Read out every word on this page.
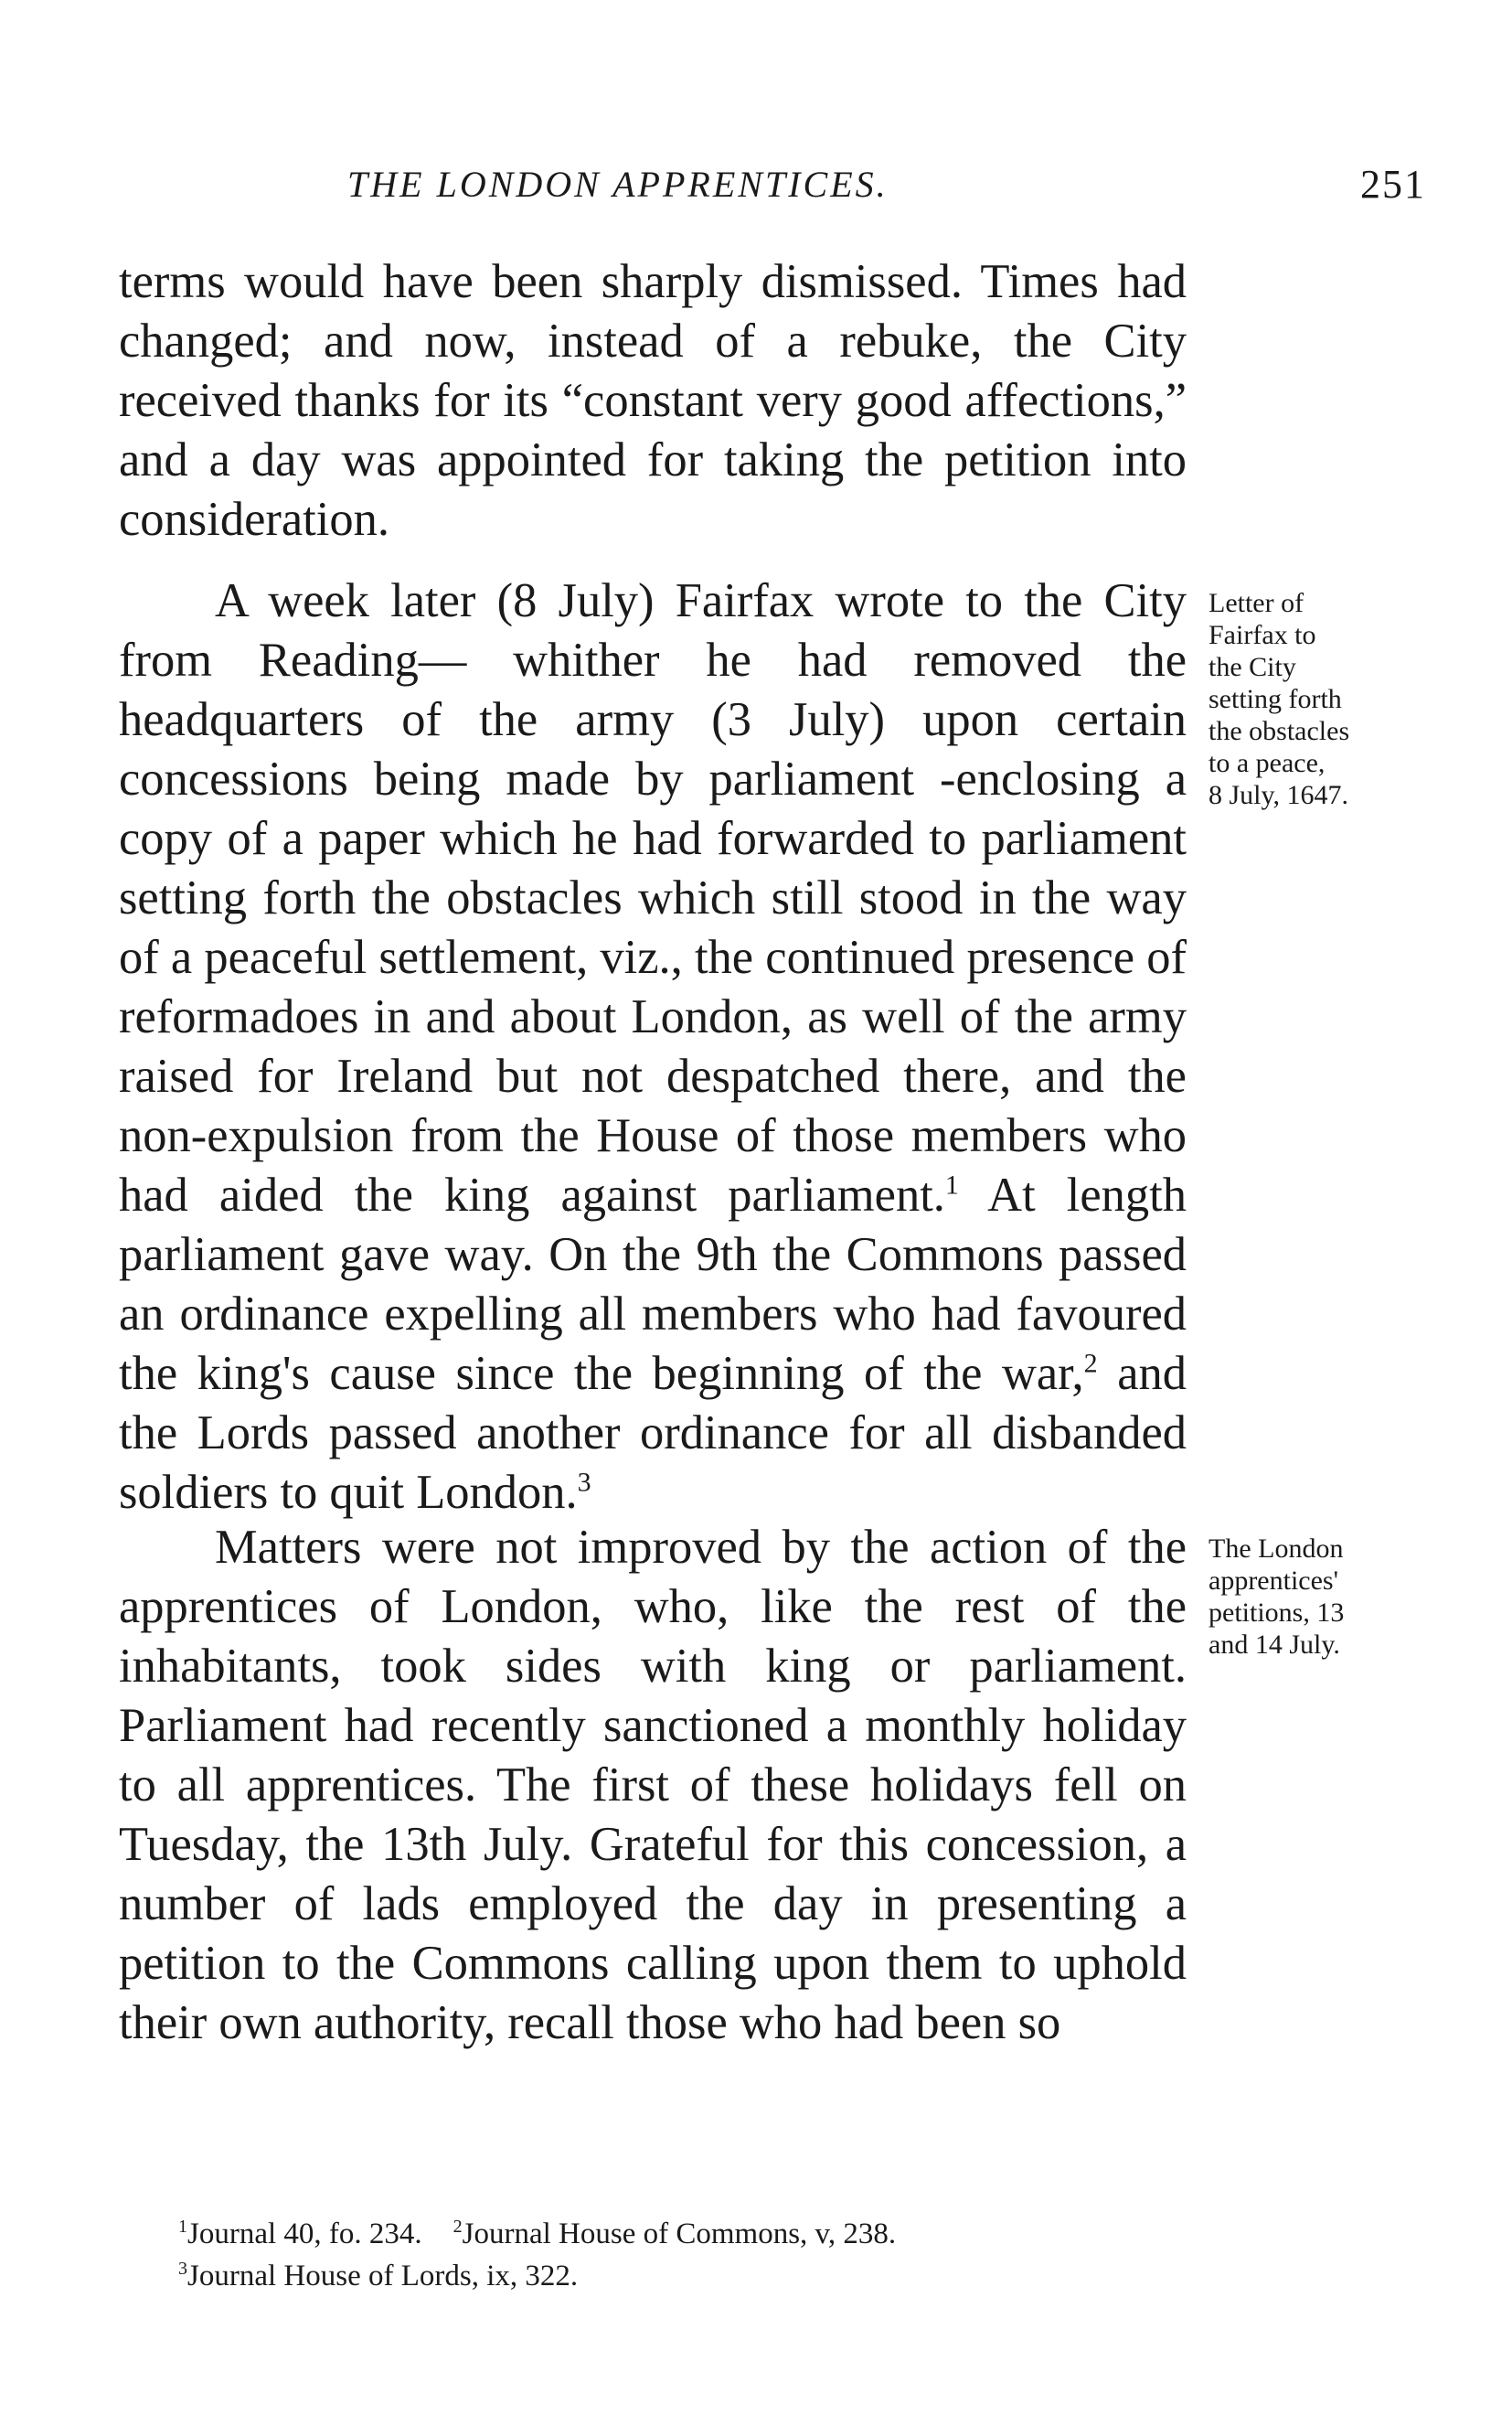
THE LONDON APPRENTICES.	251

terms would have been sharply dismissed. Times had changed; and now, instead of a rebuke, the City received thanks for its “constant very good affections,” and a day was appointed for taking the petition into consideration.

A week later (8 July) Fairfax wrote to the City from Reading— whither he had removed the headquarters of the army (3 July) upon certain concessions being made by parliament -enclosing a copy of a paper which he had forwarded to parliament setting forth the obstacles which still stood in the way of a peaceful settlement, viz., the continued presence of reformadoes in and about London, as well of the army raised for Ireland but not despatched there, and the non-expulsion from the House of those members who had aided the king against parliament.$^1$ At length parliament gave way. On the 9th the Commons passed an ordinance expelling all members who had favoured the king's cause since the beginning of the war,$^2$ and the Lords passed another ordinance for all disbanded soldiers to quit London.$^3$

Letter of
Fairfax to
the City
setting forth
the obstacles
to a peace,
8 July, 1647.

Matters were not improved by the action of the apprentices of London, who, like the rest of the inhabitants, took sides with king or parliament. Parliament had recently sanctioned a monthly holiday to all apprentices. The first of these holidays fell on Tuesday, the 13th July. Grateful for this concession, a number of lads employed the day in presenting a petition to the Commons calling upon them to uphold their own authority, recall those who had been so

The London
apprentices'
petitions, 13
and 14 July.
$^1$Journal 40, fo. 234. $^2$Journal House of Commons, v, 238.
$^3$Journal House of Lords, ix, 322.
